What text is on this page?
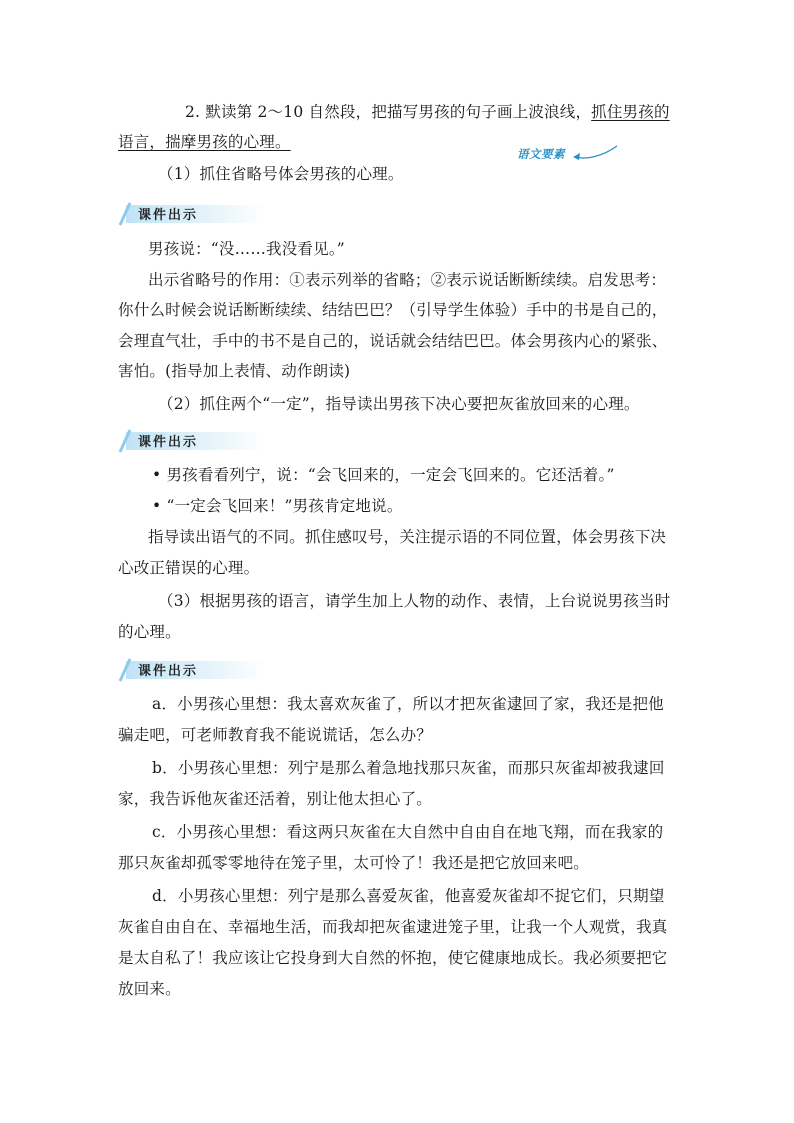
2. 默读第 2～10 自然段，把描写男孩的句子画上波浪线，抓住男孩的
语言，揣摩男孩的心理。
语文要素
（1）抓住省略号体会男孩的心理。
课件出示
男孩说：“没……我没看见。”
出示省略号的作用：①表示列举的省略；②表示说话断断续续。启发思考：
你什么时候会说话断断续续、结结巴巴？（引导学生体验）手中的书是自己的，
会理直气壮，手中的书不是自己的，说话就会结结巴巴。体会男孩内心的紧张、
害怕。(指导加上表情、动作朗读)
（2）抓住两个“一定”，指导读出男孩下决心要把灰雀放回来的心理。
课件出示
• 男孩看看列宁，说：“会飞回来的，一定会飞回来的。它还活着。”
• “一定会飞回来！”男孩肯定地说。
指导读出语气的不同。抓住感叹号，关注提示语的不同位置，体会男孩下决
心改正错误的心理。
（3）根据男孩的语言，请学生加上人物的动作、表情，上台说说男孩当时
的心理。
课件出示
a．小男孩心里想：我太喜欢灰雀了，所以才把灰雀逮回了家，我还是把他
骗走吧，可老师教育我不能说谎话，怎么办？
b．小男孩心里想：列宁是那么着急地找那只灰雀，而那只灰雀却被我逮回
家，我告诉他灰雀还活着，别让他太担心了。
c．小男孩心里想：看这两只灰雀在大自然中自由自在地飞翔，而在我家的
那只灰雀却孤零零地待在笼子里，太可怜了！我还是把它放回来吧。
d．小男孩心里想：列宁是那么喜爱灰雀，他喜爱灰雀却不捉它们，只期望
灰雀自由自在、幸福地生活，而我却把灰雀逮进笼子里，让我一个人观赏，我真
是太自私了！我应该让它投身到大自然的怀抱，使它健康地成长。我必须要把它
放回来。
